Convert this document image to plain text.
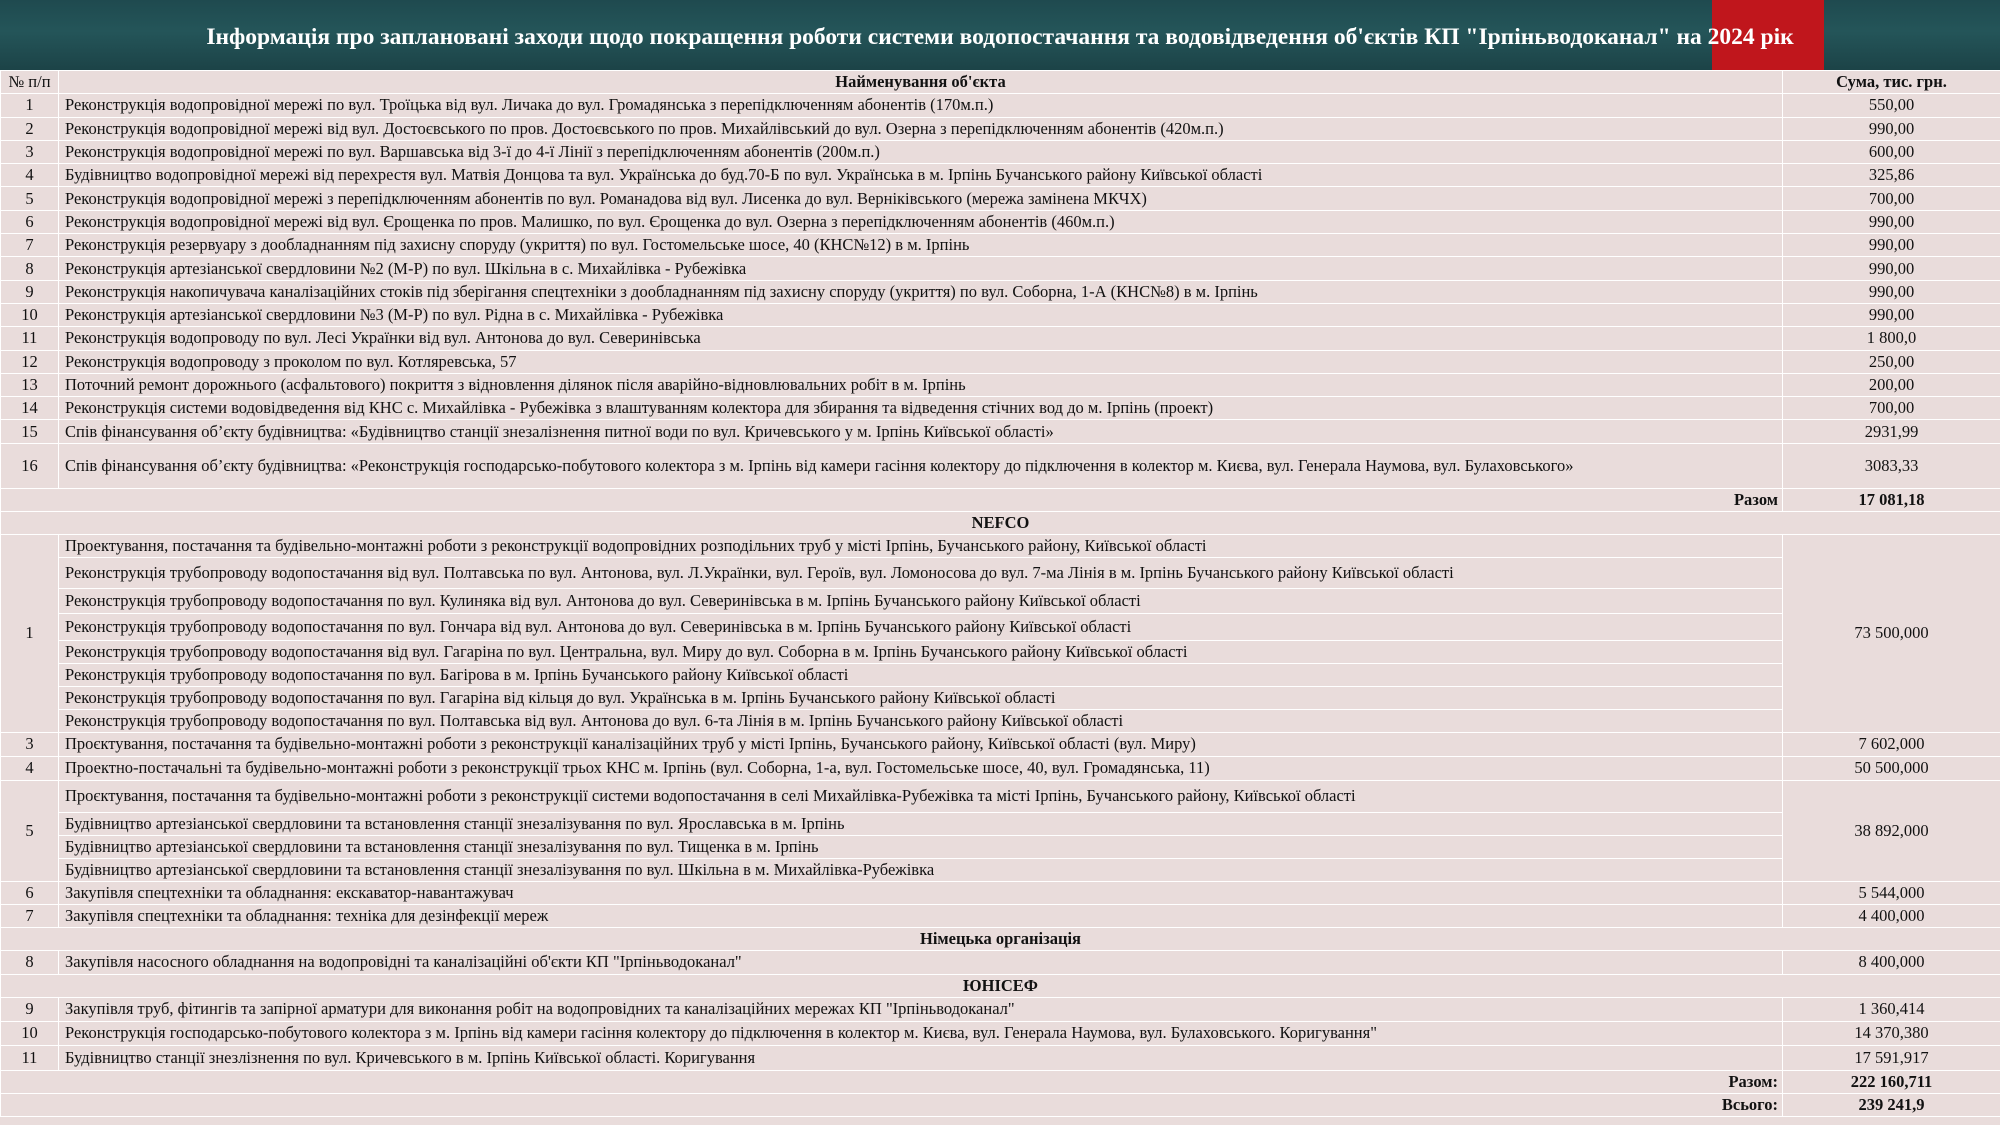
Інформація про заплановані заходи щодо покращення роботи системи водопостачання та водовідведення об'єктів КП "Ірпіньводоканал" на 2024 рік
№ п/п	Найменування об'єкта	Сума, тис. грн.
1	Реконструкція водопровідної мережі по вул. Троїцька від вул. Личака до вул. Громадянська з перепідключенням абонентів (170м.п.)	550,00
2	Реконструкція водопровідної мережі від вул. Достоєвського по пров. Достоєвського по пров. Михайлівський до вул. Озерна з перепідключенням абонентів (420м.п.)	990,00
3	Реконструкція водопровідної мережі по вул. Варшавська від 3-ї до 4-ї Лінії з перепідключенням абонентів (200м.п.)	600,00
4	Будівництво водопровідної мережі від перехрестя вул. Матвія Донцова та вул. Українська до буд.70-Б по вул. Українська в м. Ірпінь Бучанського району Київської області	325,86
5	Реконструкція водопровідної мережі з перепідключенням абонентів по вул. Романадова від вул. Лисенка до вул. Верніківського (мережа замінена МКЧХ)	700,00
6	Реконструкція водопровідної мережі від вул. Єрощенка по пров. Малишко, по вул. Єрощенка до вул. Озерна з перепідключенням абонентів (460м.п.)	990,00
7	Реконструкція резервуару з дообладнанням під захисну споруду (укриття) по вул. Гостомельське шосе, 40 (КНС№12) в м. Ірпінь	990,00
8	Реконструкція артезіанської свердловини №2 (М-Р) по вул. Шкільна в с. Михайлівка - Рубежівка	990,00
9	Реконструкція накопичувача каналізаційних стоків під зберігання спецтехніки з дообладнанням під захисну споруду (укриття) по вул. Соборна, 1-А (КНС№8) в м. Ірпінь	990,00
10	Реконструкція артезіанської свердловини №3 (М-Р) по вул. Рідна в с. Михайлівка - Рубежівка	990,00
11	Реконструкція водопроводу по вул. Лесі Українки від вул. Антонова до вул. Северинівська	1 800,0
12	Реконструкція водопроводу з проколом по вул. Котляревська, 57	250,00
13	Поточний ремонт дорожнього (асфальтового) покриття з відновлення ділянок після аварійно-відновлювальних робіт в м. Ірпінь	200,00
14	Реконструкція системи водовідведення від КНС с. Михайлівка - Рубежівка з влаштуванням колектора для збирання та відведення стічних вод до м. Ірпінь (проект)	700,00
15	Спів фінансування об’єкту будівництва: «Будівництво станції знезалізнення питної води по вул. Кричевського у м. Ірпінь Київської області»	2931,99
16	Спів фінансування об’єкту будівництва: «Реконструкція господарсько-побутового колектора з м. Ірпінь від камери гасіння колектору до підключення в колектор м. Києва, вул. Генерала Наумова, вул. Булаховського»	3083,33
Разом		17 081,18
NEFCO		
1	Проектування, постачання та будівельно-монтажні роботи з реконструкції водопровідних розподільних труб у місті Ірпінь, Бучанського району, Київської області	73 500,000
	Реконструкція трубопроводу водопостачання від вул. Полтавська по вул. Антонова, вул. Л.Українки, вул. Героїв, вул. Ломоносова до вул. 7-ма Лінія в м. Ірпінь Бучанського району Київської області	
	Реконструкція трубопроводу водопостачання по вул. Кулиняка від вул. Антонова до вул. Северинівська в м. Ірпінь Бучанського району Київської області	
	Реконструкція трубопроводу водопостачання по вул. Гончара від вул. Антонова до вул. Северинівська в м. Ірпінь Бучанського району Київської області	
	Реконструкція трубопроводу водопостачання від вул. Гагаріна по вул. Центральна, вул. Миру до вул. Соборна в м. Ірпінь Бучанського району Київської області	
	Реконструкція трубопроводу водопостачання по вул. Багірова в м. Ірпінь Бучанського району Київської області	
	Реконструкція трубопроводу водопостачання по вул. Гагаріна від кільця до вул. Українська в м. Ірпінь Бучанського району Київської області	
	Реконструкція трубопроводу водопостачання по вул. Полтавська від вул. Антонова до вул. 6-та Лінія в м. Ірпінь Бучанського району Київської області	
3	Проєктування, постачання та будівельно-монтажні роботи з реконструкції каналізаційних труб у місті Ірпінь, Бучанського району, Київської області (вул. Миру)	7 602,000
4	Проектно-постачальні та будівельно-монтажні роботи з реконструкції трьох КНС м. Ірпінь (вул. Соборна, 1-а, вул. Гостомельське шосе, 40, вул. Громадянська, 11)	50 500,000
5	Проєктування, постачання та будівельно-монтажні роботи з реконструкції системи водопостачання в селі Михайлівка-Рубежівка та місті Ірпінь, Бучанського району, Київської області	38 892,000
	Будівництво артезіанської свердловини та встановлення станції знезалізування по вул. Ярославська в м. Ірпінь	
	Будівництво артезіанської свердловини та встановлення станції знезалізування по вул. Тищенка в м. Ірпінь	
	Будівництво артезіанської свердловини та встановлення станції знезалізування по вул. Шкільна в м. Михайлівка-Рубежівка	
6	Закупівля спецтехніки та обладнання: екскаватор-навантажувач	5 544,000
7	Закупівля спецтехніки та обладнання: техніка для дезінфекції мереж	4 400,000
Німецька організація		
8	Закупівля насосного обладнання на водопровідні та каналізаційні об'єкти КП "Ірпіньводоканал"	8 400,000
ЮНІСЕФ		
9	Закупівля труб, фітингів та запірної арматури для виконання робіт на водопровідних та каналізаційних мережах КП "Ірпіньводоканал"	1 360,414
10	Реконструкція господарсько-побутового колектора з м. Ірпінь від камери гасіння колектору до підключення в колектор м. Києва, вул. Генерала Наумова, вул. Булаховського. Коригування"	14 370,380
11	Будівництво станції знезлізнення по вул. Кричевського в м. Ірпінь Київської області. Коригування	17 591,917
Разом:		222 160,711
Всього:		239 241,9
